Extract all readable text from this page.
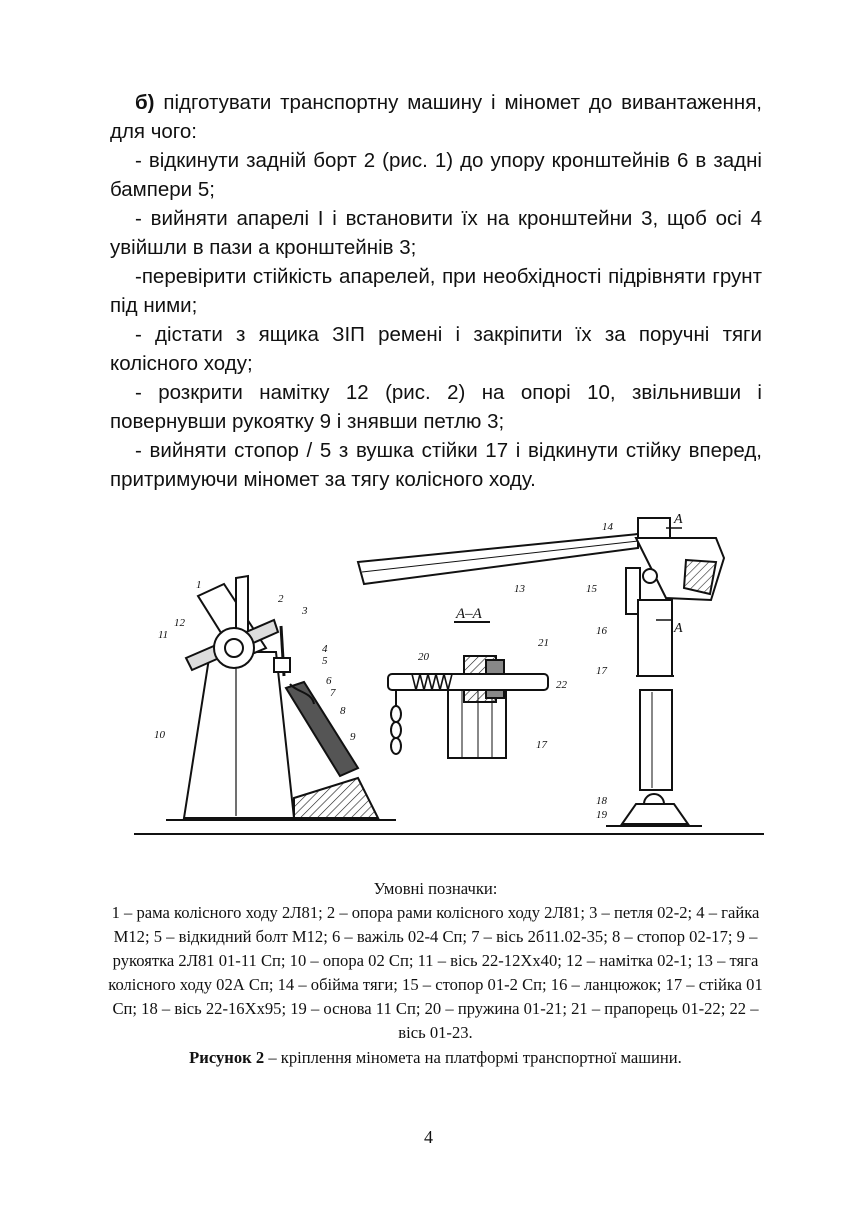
б) підготувати транспортну машину і міномет до вивантаження, для чого:

- відкинути задній борт 2 (рис. 1) до упору кронштейнів 6 в задні бампери 5;

- вийняти апарелі I і встановити їх на кронштейни 3, щоб осі 4 увійшли в пази а кронштейнів 3;

-перевірити стійкість апарелей, при необхідності підрівняти грунт під ними;

- дістати з ящика ЗІП ремені і закріпити їх за поручні тяги колісного ходу;

- розкрити намітку 12 (рис. 2) на опорі 10, звільнивши і повернувши рукоятку 9 і знявши петлю 3;

- вийняти стопор / 5 з вушка стійки 17 і відкинути стійку вперед, притримуючи міномет за тягу колісного ходу.

А
А
А–А
1
2
3
4
5
6
7
8
9
10
11
12
13
14
15
16
17
18
19
20
21
22
17
Умовні позначки:
1 – рама колісного ходу 2Л81; 2 – опора рами колісного ходу 2Л81; 3 – петля 02-2; 4 – гайка М12; 5 – відкидний болт М12; 6 – важіль 02-4 Сп; 7 – вісь 2б11.02-35; 8 – стопор 02-17; 9 – рукоятка 2Л81 01-11 Сп; 10 – опора 02 Сп; 11 – вісь 22-12Хх40; 12 – намітка 02-1; 13 – тяга колісного ходу 02А Сп; 14 – обійма тяги; 15 – стопор 01-2 Сп; 16 – ланцюжок; 17 – стійка 01 Сп; 18 – вісь 22-16Хх95; 19 – основа 11 Сп; 20 – пружина 01-21; 21 – прапорець 01-22; 22 – вісь 01-23.
Рисунок 2 – кріплення міномета на платформі транспортної машини.
4
